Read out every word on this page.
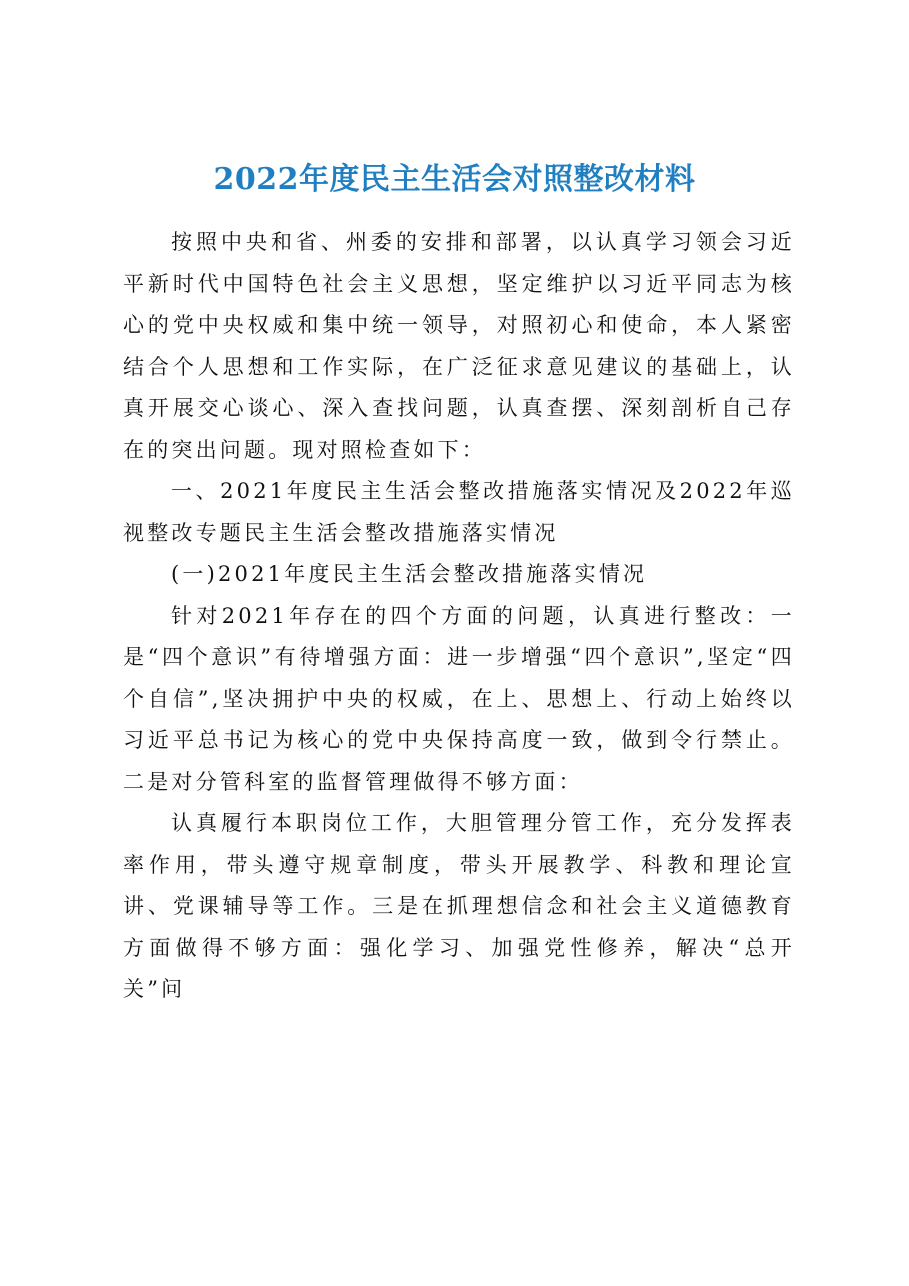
2022年度民主生活会对照整改材料

按照中央和省、州委的安排和部署，以认真学习领会习近平新时代中国特色社会主义思想，坚定维护以习近平同志为核心的党中央权威和集中统一领导，对照初心和使命，本人紧密结合个人思想和工作实际，在广泛征求意见建议的基础上，认真开展交心谈心、深入查找问题，认真查摆、深刻剖析自己存在的突出问题。现对照检查如下：

一、2021年度民主生活会整改措施落实情况及2022年巡视整改专题民主生活会整改措施落实情况

(一)2021年度民主生活会整改措施落实情况

针对2021年存在的四个方面的问题，认真进行整改：一是“四个意识”有待增强方面：进一步增强“四个意识”,坚定“四个自信”,坚决拥护中央的权威，在上、思想上、行动上始终以习近平总书记为核心的党中央保持高度一致，做到令行禁止。二是对分管科室的监督管理做得不够方面：

认真履行本职岗位工作，大胆管理分管工作，充分发挥表率作用，带头遵守规章制度，带头开展教学、科教和理论宣讲、党课辅导等工作。三是在抓理想信念和社会主义道德教育方面做得不够方面：强化学习、加强党性修养，解决“总开关”问
